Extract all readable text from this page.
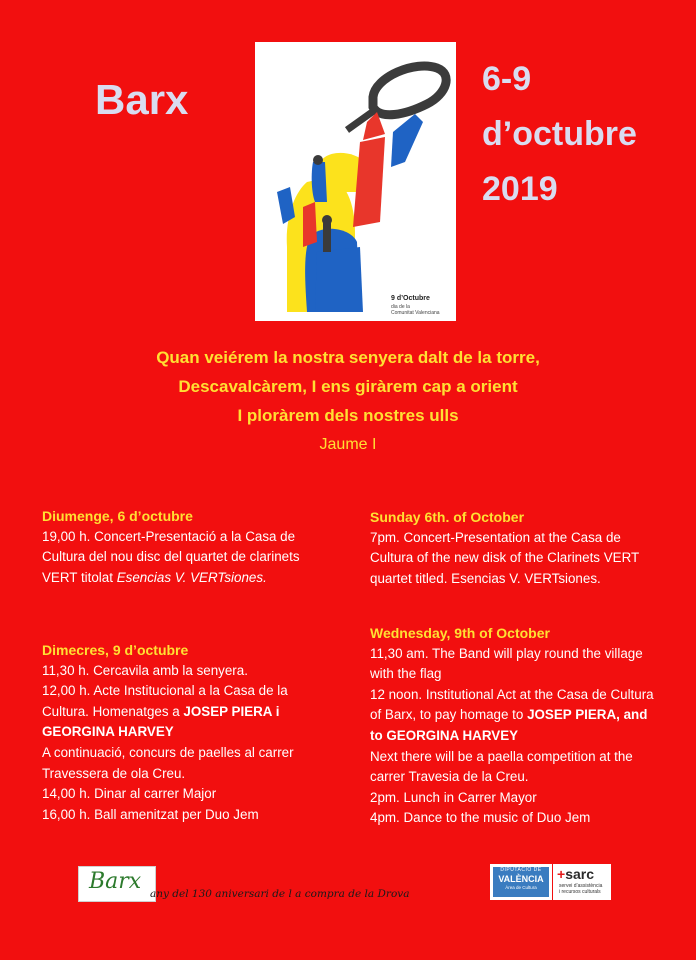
Barx	6-9
d’octubre
2019
9 d’Octubre
dia de la
Comunitat Valenciana
Quan veiérem la nostra senyera dalt de la torre,
Descavalcàrem, I ens giràrem cap a orient
I ploràrem dels nostres ulls
Jaume I

Diumenge, 6 d’octubre

19,00 h. Concert-Presentació a la Casa de

Cultura del nou disc del quartet de clarinets

VERT titolat Esencias V. VERTsiones.

Dimecres, 9 d’octubre

11,30 h. Cercavila amb la senyera.

12,00 h. Acte Institucional a la Casa de la

Cultura. Homenatges a JOSEP PIERA i

GEORGINA HARVEY

A continuació, concurs de paelles al carrer

Travessera de ola Creu.

14,00 h. Dinar al carrer Major

16,00 h. Ball amenitzat per Duo Jem

Sunday 6th. of October

7pm. Concert-Presentation at the Casa de

Cultura of the new disk of the Clarinets VERT

quartet titled. Esencias V. VERTsiones.

Wednesday, 9th of October

11,30 am. The Band will play round the village

with the flag

12 noon. Institutional Act at the Casa de Cultura

of Barx, to pay homage to JOSEP PIERA, and

to GEORGINA HARVEY

Next there will be a paella competition at the

carrer Travesia de la Creu.

2pm. Lunch in Carrer Mayor

4pm. Dance to the music of Duo Jem

Barx any del 130 aniversari de l a compra de la Drova
DIPUTACIÓ DE
VALÈNCIA
Àrea de Cultura
+sarc
servei d’assistència
i recursos culturals
